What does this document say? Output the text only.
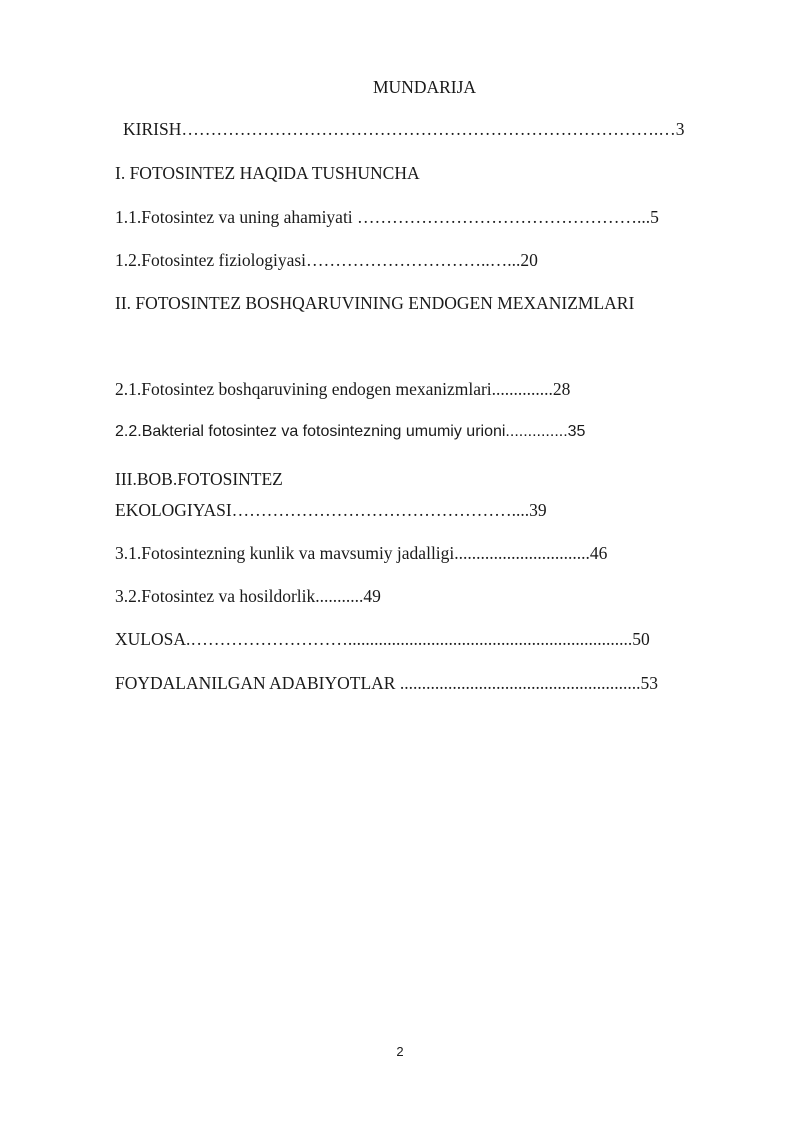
MUNDARIJA
KIRISH……………………………………………………………………….…3
I. FOTOSINTEZ HAQIDA TUSHUNCHA
1.1.Fotosintez va uning ahamiyati …………………………………………...5
1.2.Fotosintez fiziologiyasi…………………………..…...20
II. FOTOSINTEZ BOSHQARUVINING ENDOGEN MEXANIZMLARI
2.1.Fotosintez boshqaruvining endogen mexanizmlari..............28
2.2.Bakterial fotosintez va fotosintezning umumiy urioni..............35
III.BOB.FOTOSINTEZ
EKOLOGIYASI…………………………………………....39
3.1.Fotosintezning kunlik va mavsumiy jadalligi...............................46
3.2.Fotosintez va hosildorlik...........49
XULOSA.……………………….................................................................50
FOYDALANILGAN ADABIYOTLAR .......................................................53
2
